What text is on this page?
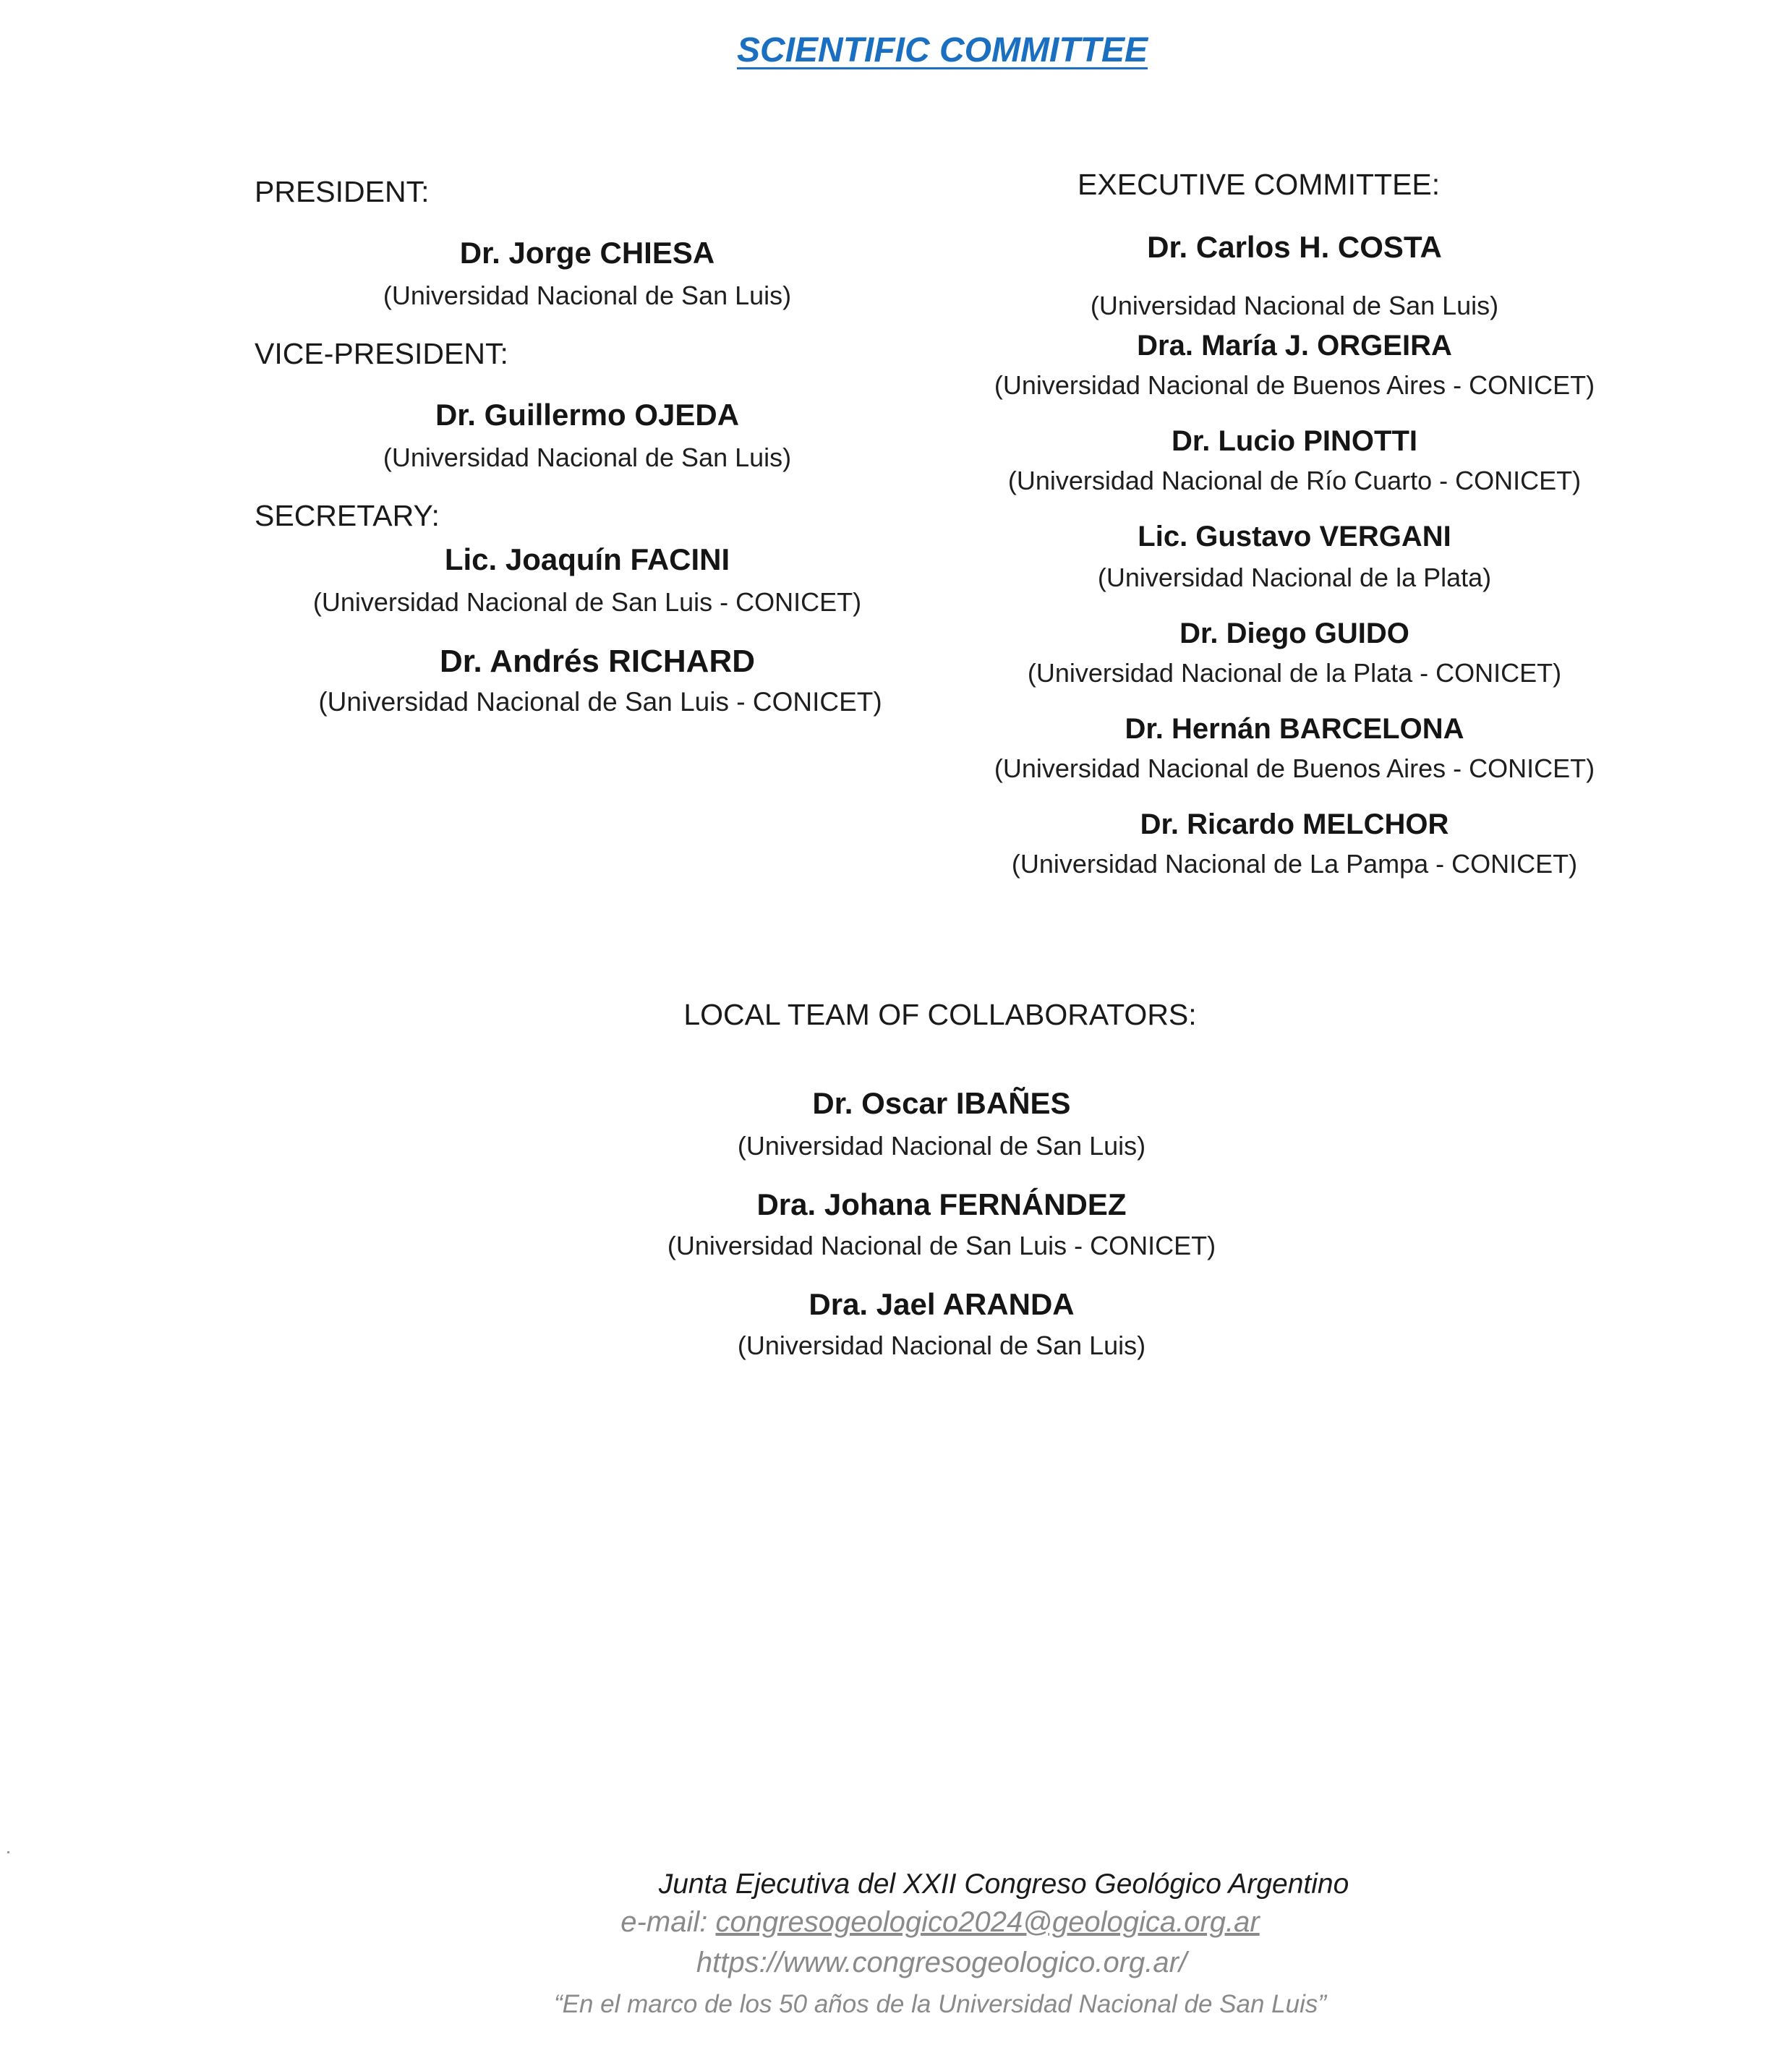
SCIENTIFIC COMMITTEE
PRESIDENT:
Dr. Jorge CHIESA
(Universidad Nacional de San Luis)
VICE-PRESIDENT:
Dr. Guillermo OJEDA
(Universidad Nacional de San Luis)
SECRETARY:
Lic. Joaquín FACINI
(Universidad Nacional de San Luis - CONICET)
Dr. Andrés RICHARD
(Universidad Nacional de San Luis - CONICET)
EXECUTIVE COMMITTEE:
Dr. Carlos H. COSTA
(Universidad Nacional de San Luis)
Dra. María J. ORGEIRA
(Universidad Nacional de Buenos Aires - CONICET)
Dr. Lucio PINOTTI
(Universidad Nacional de Río Cuarto - CONICET)
Lic. Gustavo VERGANI
(Universidad Nacional de la Plata)
Dr. Diego GUIDO
(Universidad Nacional de la Plata - CONICET)
Dr. Hernán BARCELONA
(Universidad Nacional de Buenos Aires - CONICET)
Dr. Ricardo MELCHOR
(Universidad Nacional de La Pampa - CONICET)
LOCAL TEAM OF COLLABORATORS:
Dr. Oscar IBAÑES
(Universidad Nacional de San Luis)
Dra. Johana FERNÁNDEZ
(Universidad Nacional de San Luis - CONICET)
Dra. Jael ARANDA
(Universidad Nacional de San Luis)
Junta Ejecutiva del XXII Congreso Geológico Argentino
e-mail: congresogeologico2024@geologica.org.ar
https://www.congresogeologico.org.ar/
“En el marco de los 50 años de la Universidad Nacional de San Luis”
